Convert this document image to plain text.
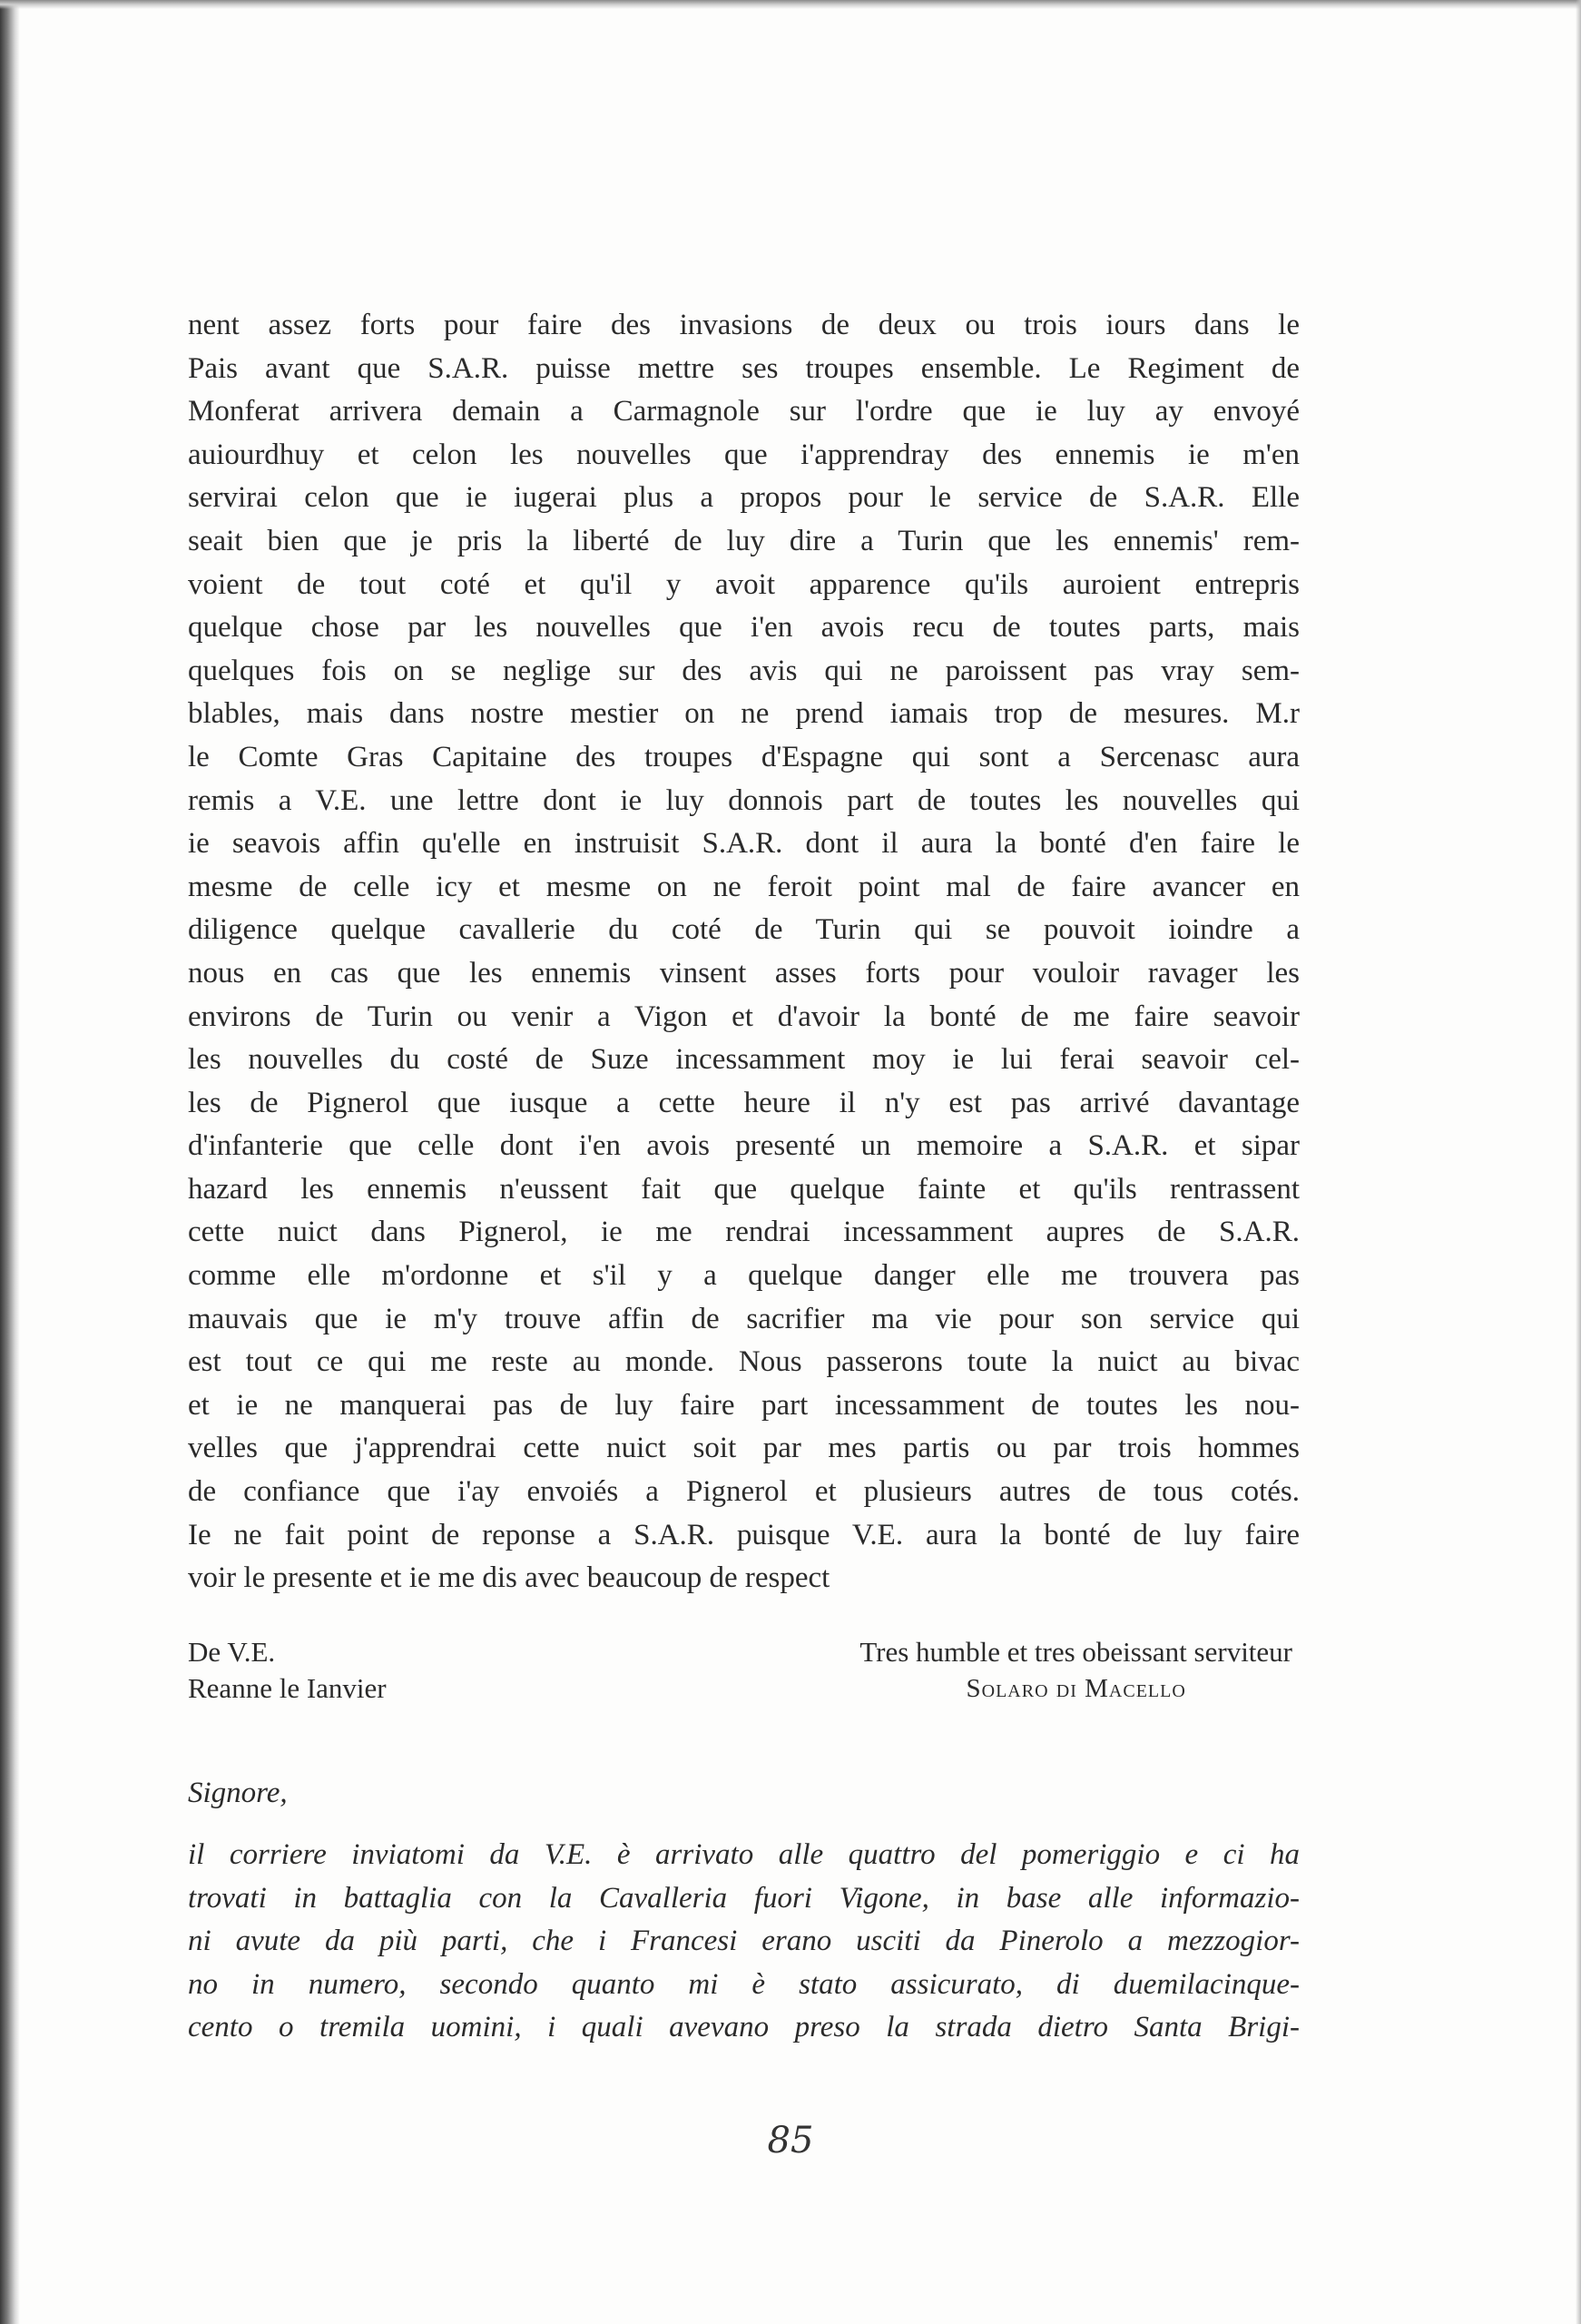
nent assez forts pour faire des invasions de deux ou trois iours dans le
Pais avant que S.A.R. puisse mettre ses troupes ensemble. Le Regiment de
Monferat arrivera demain a Carmagnole sur l'ordre que ie luy ay envoyé
auiourdhuy et celon les nouvelles que i'apprendray des ennemis ie m'en
servirai celon que ie iugerai plus a propos pour le service de S.A.R. Elle
seait bien que je pris la liberté de luy dire a Turin que les ennemis' rem-
voient de tout coté et qu'il y avoit apparence qu'ils auroient entrepris
quelque chose par les nouvelles que i'en avois recu de toutes parts, mais
quelques fois on se neglige sur des avis qui ne paroissent pas vray sem-
blables, mais dans nostre mestier on ne prend iamais trop de mesures. M.r
le Comte Gras Capitaine des troupes d'Espagne qui sont a Sercenasc aura
remis a V.E. une lettre dont ie luy donnois part de toutes les nouvelles qui
ie seavois affin qu'elle en instruisit S.A.R. dont il aura la bonté d'en faire le
mesme de celle icy et mesme on ne feroit point mal de faire avancer en
diligence quelque cavallerie du coté de Turin qui se pouvoit ioindre a
nous en cas que les ennemis vinsent asses forts pour vouloir ravager les
environs de Turin ou venir a Vigon et d'avoir la bonté de me faire seavoir
les nouvelles du costé de Suze incessamment moy ie lui ferai seavoir cel-
les de Pignerol que iusque a cette heure il n'y est pas arrivé davantage
d'infanterie que celle dont i'en avois presenté un memoire a S.A.R. et sipar
hazard les ennemis n'eussent fait que quelque fainte et qu'ils rentrassent
cette nuict dans Pignerol, ie me rendrai incessamment aupres de S.A.R.
comme elle m'ordonne et s'il y a quelque danger elle me trouvera pas
mauvais que ie m'y trouve affin de sacrifier ma vie pour son service qui
est tout ce qui me reste au monde. Nous passerons toute la nuict au bivac
et ie ne manquerai pas de luy faire part incessamment de toutes les nou-
velles que j'apprendrai cette nuict soit par mes partis ou par trois hommes
de confiance que i'ay envoiés a Pignerol et plusieurs autres de tous cotés.
Ie ne fait point de reponse a S.A.R. puisque V.E. aura la bonté de luy faire
voir le presente et ie me dis avec beaucoup de respect
De V.E.
Reanne le Ianvier
Tres humble et tres obeissant serviteur
Solaro di Macello
Signore,
il corriere inviatomi da V.E. è arrivato alle quattro del pomeriggio e ci ha
trovati in battaglia con la Cavalleria fuori Vigone, in base alle informazio-
ni avute da più parti, che i Francesi erano usciti da Pinerolo a mezzogior-
no in numero, secondo quanto mi è stato assicurato, di duemilacinque-
cento o tremila uomini, i quali avevano preso la strada dietro Santa Brigi-
85
